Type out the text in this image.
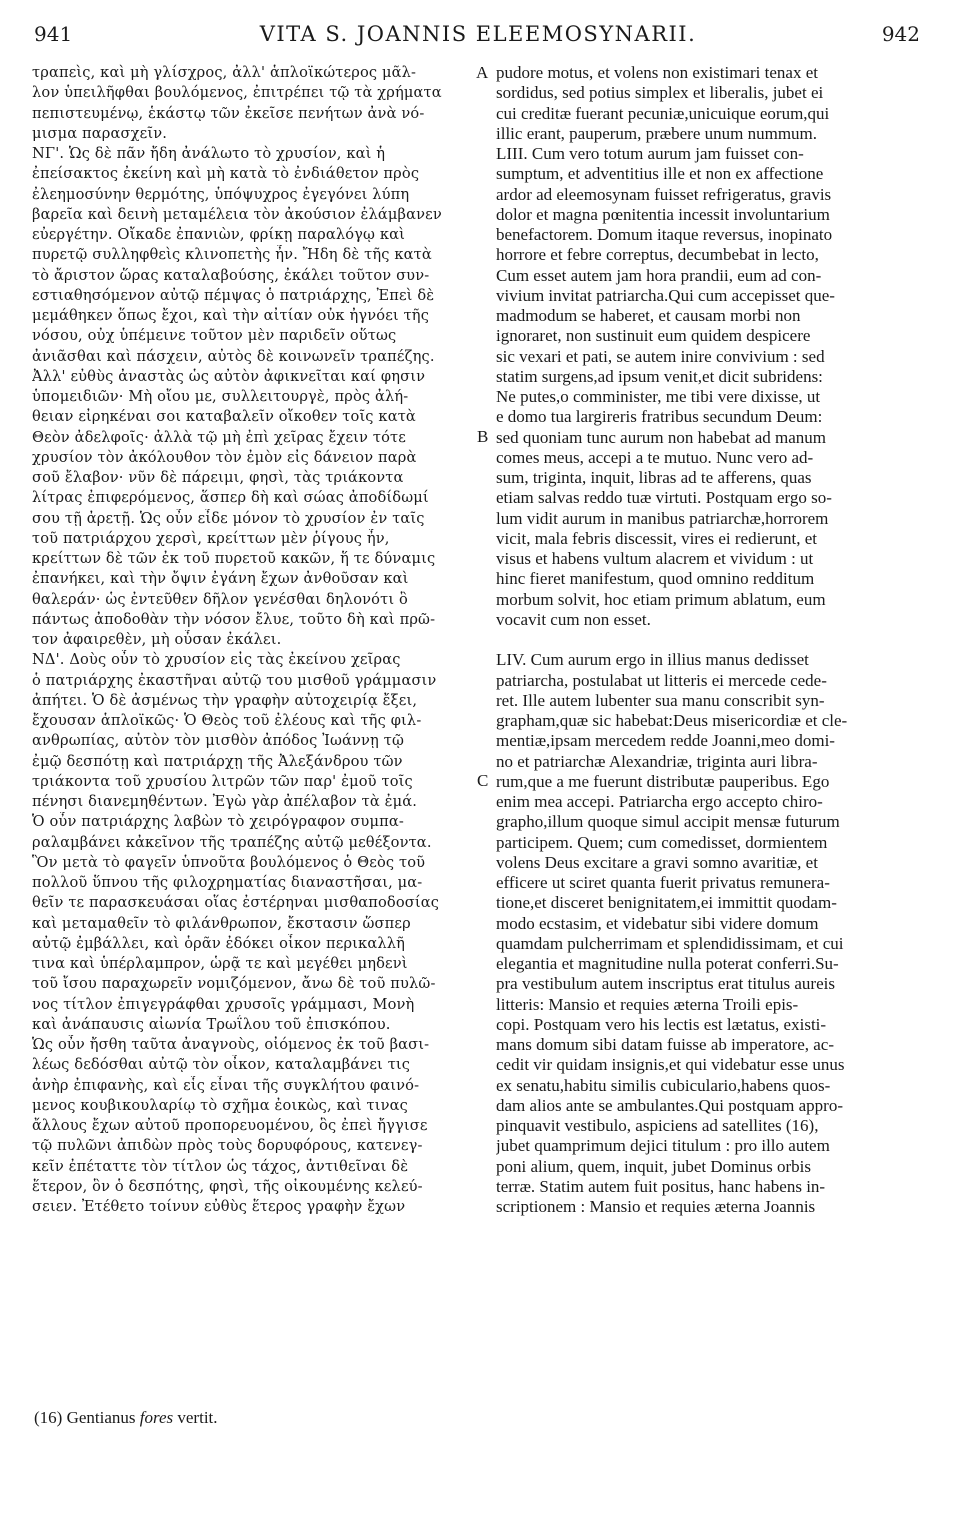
941	VITA S. JOANNIS ELEEMOSYNARII.	942
τραπεὶς, καὶ μὴ γλίσχρος, ἀλλ' ἁπλοϊκώτερος μᾶλ-
λον ὑπειλῆφθαι βουλόμενος, ἐπιτρέπει τῷ τὰ χρήματα
πεπιστευμένῳ, ἑκάστῳ τῶν ἐκεῖσε πενήτων ἀνὰ νό-
μισμα παρασχεῖν.
ΝΓ'. Ὡς δὲ πᾶν ἤδη ἀνάλωτο τὸ χρυσίον, καὶ ἡ
ἐπείσακτος ἐκείνη καὶ μὴ κατὰ τὸ ἐνδιάθετον πρὸς
ἐλεημοσύνην θερμότης, ὑπόψυχρος ἐγεγόνει λύπη
βαρεῖα καὶ δεινὴ μεταμέλεια τὸν ἀκούσιον ἐλάμβανεν
εὐεργέτην. Οἴκαδε ἐπανιὼν, φρίκῃ παραλόγῳ καὶ
πυρετῷ συλληφθεὶς κλινοπετὴς ἦν. Ἤδη δὲ τῆς κατὰ
τὸ ἄριστον ὥρας καταλαβούσης, ἐκάλει τοῦτον συν-
εστιαθησόμενον αὐτῷ πέμψας ὁ πατριάρχης, Ἐπεὶ δὲ
μεμάθηκεν ὅπως ἔχοι, καὶ τὴν αἰτίαν οὐκ ἠγνόει τῆς
νόσου, οὐχ ὑπέμεινε τοῦτον μὲν παριδεῖν οὕτως
ἀνιᾶσθαι καὶ πάσχειν, αὐτὸς δὲ κοινωνεῖν τραπέζης.
Ἀλλ' εὐθὺς ἀναστὰς ὡς αὐτὸν ἀφικνεῖται καί φησιν
ὑπομειδιῶν· Μὴ οἴου με, συλλειτουργὲ, πρὸς ἀλή-
θειαν εἰρηκέναι σοι καταβαλεῖν οἴκοθεν τοῖς κατὰ
Θεὸν ἀδελφοῖς· ἀλλὰ τῷ μὴ ἐπὶ χεῖρας ἔχειν τότε
χρυσίον τὸν ἀκόλουθον τὸν ἐμὸν εἰς δάνειον παρὰ
σοῦ ἔλαβον· νῦν δὲ πάρειμι, φησὶ, τὰς τριάκοντα
λίτρας ἐπιφερόμενος, ἅσπερ δὴ καὶ σώας ἀποδίδωμί
σου τῇ ἀρετῇ. Ὡς οὖν εἶδε μόνον τὸ χρυσίον ἐν ταῖς
τοῦ πατριάρχου χερσὶ, κρείττων μὲν ῥίγους ἦν,
κρείττων δὲ τῶν ἐκ τοῦ πυρετοῦ κακῶν, ἥ τε δύναμις
ἐπανήκει, καὶ τὴν ὄψιν ἐγάνη ἔχων ἀνθοῦσαν καὶ
θαλεράν· ὡς ἐντεῦθεν δῆλον γενέσθαι δηλονότι ὃ
πάντως ἀποδοθὰν τὴν νόσον ἔλυε, τοῦτο δὴ καὶ πρῶ-
τον ἀφαιρεθὲν, μὴ οὖσαν ἐκάλει.
ΝΔ'. Δοὺς οὖν τὸ χρυσίον εἰς τὰς ἐκείνου χεῖρας
ὁ πατριάρχης ἐκαστῆναι αὐτῷ του μισθοῦ γράμμασιν
ἀπήτει. Ὁ δὲ ἀσμένως τὴν γραφὴν αὐτοχειρίᾳ ἔξει,
ἔχουσαν ἁπλοϊκῶς· Ὁ Θεὸς τοῦ ἐλέους καὶ τῆς φιλ-
ανθρωπίας, αὐτὸν τὸν μισθὸν ἀπόδος Ἰωάννῃ τῷ
ἐμῷ δεσπότῃ καὶ πατριάρχῃ τῆς Ἀλεξάνδρου τῶν
τριάκοντα τοῦ χρυσίου λιτρῶν τῶν παρ' ἐμοῦ τοῖς
πένησι διανεμηθέντων. Ἐγὼ γὰρ ἀπέλαβον τὰ ἐμά.
Ὁ οὖν πατριάρχης λαβὼν τὸ χειρόγραφον συμπα-
ραλαμβάνει κἀκεῖνον τῆς τραπέζης αὐτῷ μεθέξοντα.
Ὃν μετὰ τὸ φαγεῖν ὑπνοῦτα βουλόμενος ὁ Θεὸς τοῦ
πολλοῦ ὕπνου τῆς φιλοχρηματίας διαναστῆσαι, μα-
θεῖν τε παρασκευάσαι οἵας ἐστέρηναι μισθαποδοσίας
καὶ μεταμαθεῖν τὸ φιλάνθρωπον, ἔκστασιν ὥσπερ
αὐτῷ ἐμβάλλει, καὶ ὁρᾶν ἐδόκει οἶκον περικαλλῆ
τινα καὶ ὑπέρλαμπρον, ὡρᾷ τε καὶ μεγέθει μηδενὶ
τοῦ ἴσου παραχωρεῖν νομιζόμενον, ἄνω δὲ τοῦ πυλῶ-
νος τίτλον ἐπιγεγράφθαι χρυσοῖς γράμμασι, Μονὴ
καὶ ἀνάπαυσις αἰωνία Τρωΐλου τοῦ ἐπισκόπου.
Ὡς οὖν ἤσθη ταῦτα ἀναγνοὺς, οἰόμενος ἐκ τοῦ βασι-
λέως δεδόσθαι αὐτῷ τὸν οἶκον, καταλαμβάνει τις
ἀνὴρ ἐπιφανὴς, καὶ εἷς εἶναι τῆς συγκλήτου φαινό-
μενος κουβικουλαρίῳ τὸ σχῆμα ἐοικὼς, καὶ τινας
ἄλλους ἔχων αὐτοῦ προπορευομένου, ὃς ἐπεὶ ἤγγισε
τῷ πυλῶνι ἀπιδὼν πρὸς τοὺς δορυφόρους, κατενεγ-
κεῖν ἐπέταττε τὸν τίτλον ὡς τάχος, ἀντιθεῖναι δὲ
ἕτερον, ὃν ὁ δεσπότης, φησὶ, τῆς οἰκουμένης κελεύ-
σειεν. Ἐτέθετο τοίνυν εὐθὺς ἕτερος γραφὴν ἔχων
pudore motus, et volens non existimari tenax et
sordidus, sed potius simplex et liberalis, jubet ei
cui creditæ fuerant pecuniæ,unicuique eorum,qui
illic erant, pauperum, præbere unum nummum.
LIII. Cum vero totum aurum jam fuisset con-
sumptum, et adventitius ille et non ex affectione
ardor ad eleemosynam fuisset refrigeratus, gravis
dolor et magna pœnitentia incessit involuntarium
benefactorem. Domum itaque reversus, inopinato
horrore et febre correptus, decumbebat in lecto,
Cum esset autem jam hora prandii, eum ad con-
vivium invitat patriarcha.Qui cum accepisset que-
madmodum se haberet, et causam morbi non
ignoraret, non sustinuit eum quidem despicere
sic vexari et pati, se autem inire convivium : sed
statim surgens,ad ipsum venit,et dicit subridens:
Ne putes,o comminister, me tibi vere dixisse, ut
e domo tua largireris fratribus secundum Deum:
sed quoniam tunc aurum non habebat ad manum
comes meus, accepi a te mutuo. Nunc vero ad-
sum, triginta, inquit, libras ad te afferens, quas
etiam salvas reddo tuæ virtuti. Postquam ergo so-
lum vidit aurum in manibus patriarchæ,horrorem
vicit, mala febris discessit, vires ei redierunt, et
visus et habens vultum alacrem et vividum : ut
hinc fieret manifestum, quod omnino redditum
morbum solvit, hoc etiam primum ablatum, eum
vocavit cum non esset.
LIV. Cum aurum ergo in illius manus dedisset
patriarcha, postulabat ut litteris ei mercede cede-
ret. Ille autem lubenter sua manu conscribit syn-
grapham,quæ sic habebat:Deus misericordiæ et cle-
mentiæ,ipsam mercedem redde Joanni,meo domi-
no et patriarchæ Alexandriæ, triginta auri libra-
rum,que a me fuerunt distributæ pauperibus. Ego
enim mea accepi. Patriarcha ergo accepto chiro-
grapho,illum quoque simul accipit mensæ futurum
participem. Quem; cum comedisset, dormientem
volens Deus excitare a gravi somno avaritiæ, et
efficere ut sciret quanta fuerit privatus remunera-
tione,et disceret benignitatem,ei immittit quodam-
modo ecstasim, et videbatur sibi videre domum
quamdam pulcherrimam et splendidissimam, et cui
elegantia et magnitudine nulla poterat conferri.Su-
pra vestibulum autem inscriptus erat titulus aureis
litteris: Mansio et requies æterna Troili epis-
copi. Postquam vero his lectis est lætatus, existi-
mans domum sibi datam fuisse ab imperatore, ac-
cedit vir quidam insignis,et qui videbatur esse unus
ex senatu,habitu similis cubiculario,habens quos-
dam alios ante se ambulantes.Qui postquam appro-
pinquavit vestibulo, aspiciens ad satellites (16),
jubet quamprimum dejici titulum : pro illo autem
poni alium, quem, inquit, jubet Dominus orbis
terræ. Statim autem fuit positus, hanc habens in-
scriptionem : Mansio et requies æterna Joannis
A
B
C
(16) Gentianus fores vertit.
